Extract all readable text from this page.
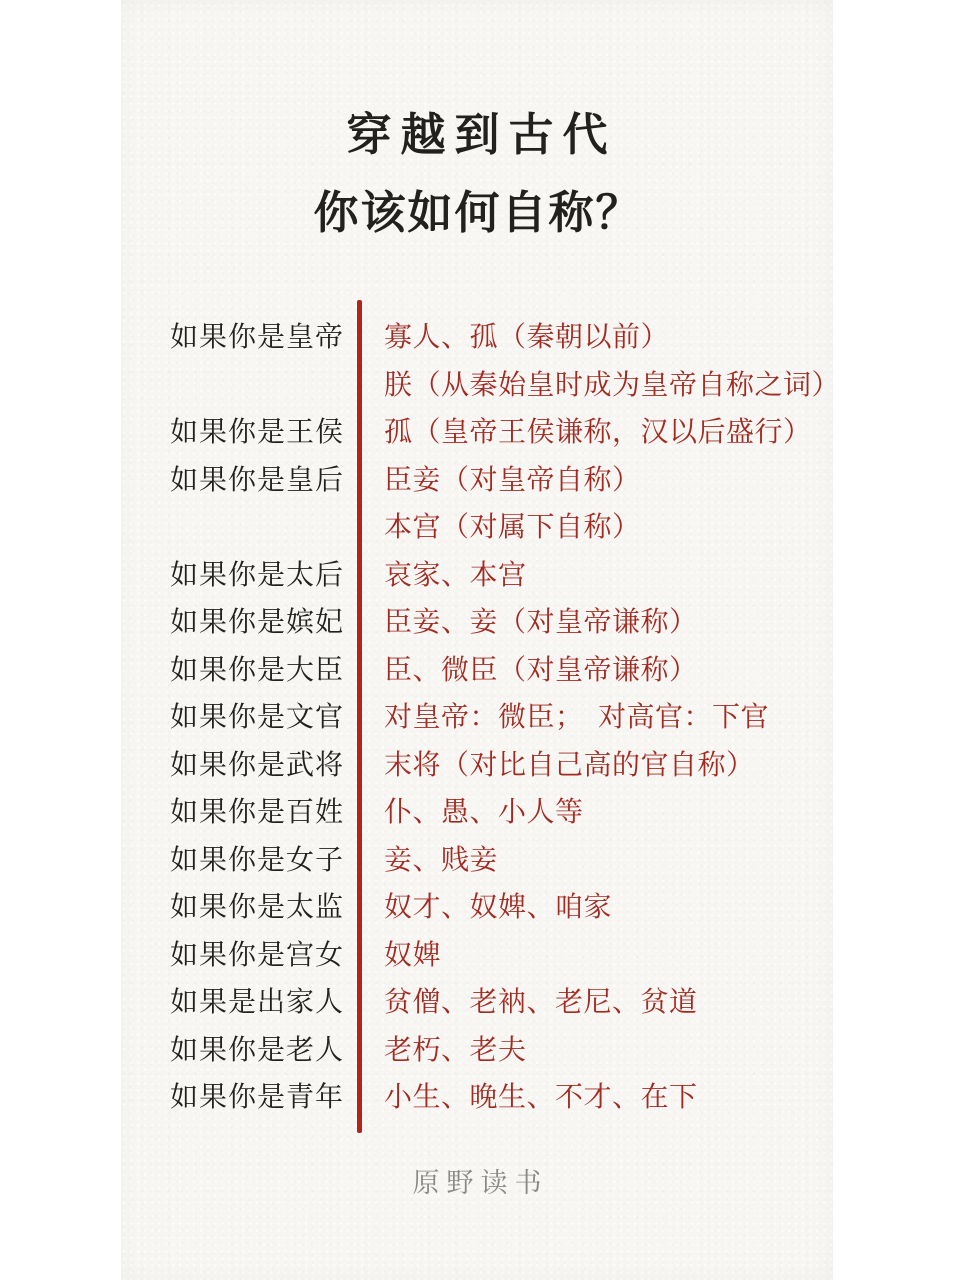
穿越到古代
你该如何自称？
如果你是皇帝 寡人、孤（秦朝以前）
朕（从秦始皇时成为皇帝自称之词）
如果你是王侯 孤（皇帝王侯谦称，汉以后盛行）
如果你是皇后 臣妾（对皇帝自称）
本宫（对属下自称）
如果你是太后 哀家、本宫
如果你是嫔妃 臣妾、妾（对皇帝谦称）
如果你是大臣 臣、微臣（对皇帝谦称）
如果你是文官 对皇帝：微臣；　对高官：下官
如果你是武将 末将（对比自己高的官自称）
如果你是百姓 仆、愚、小人等
如果你是女子 妾、贱妾
如果你是太监 奴才、奴婢、咱家
如果你是宫女 奴婢
如果是出家人 贫僧、老衲、老尼、贫道
如果你是老人 老朽、老夫
如果你是青年 小生、晚生、不才、在下
原野读书
